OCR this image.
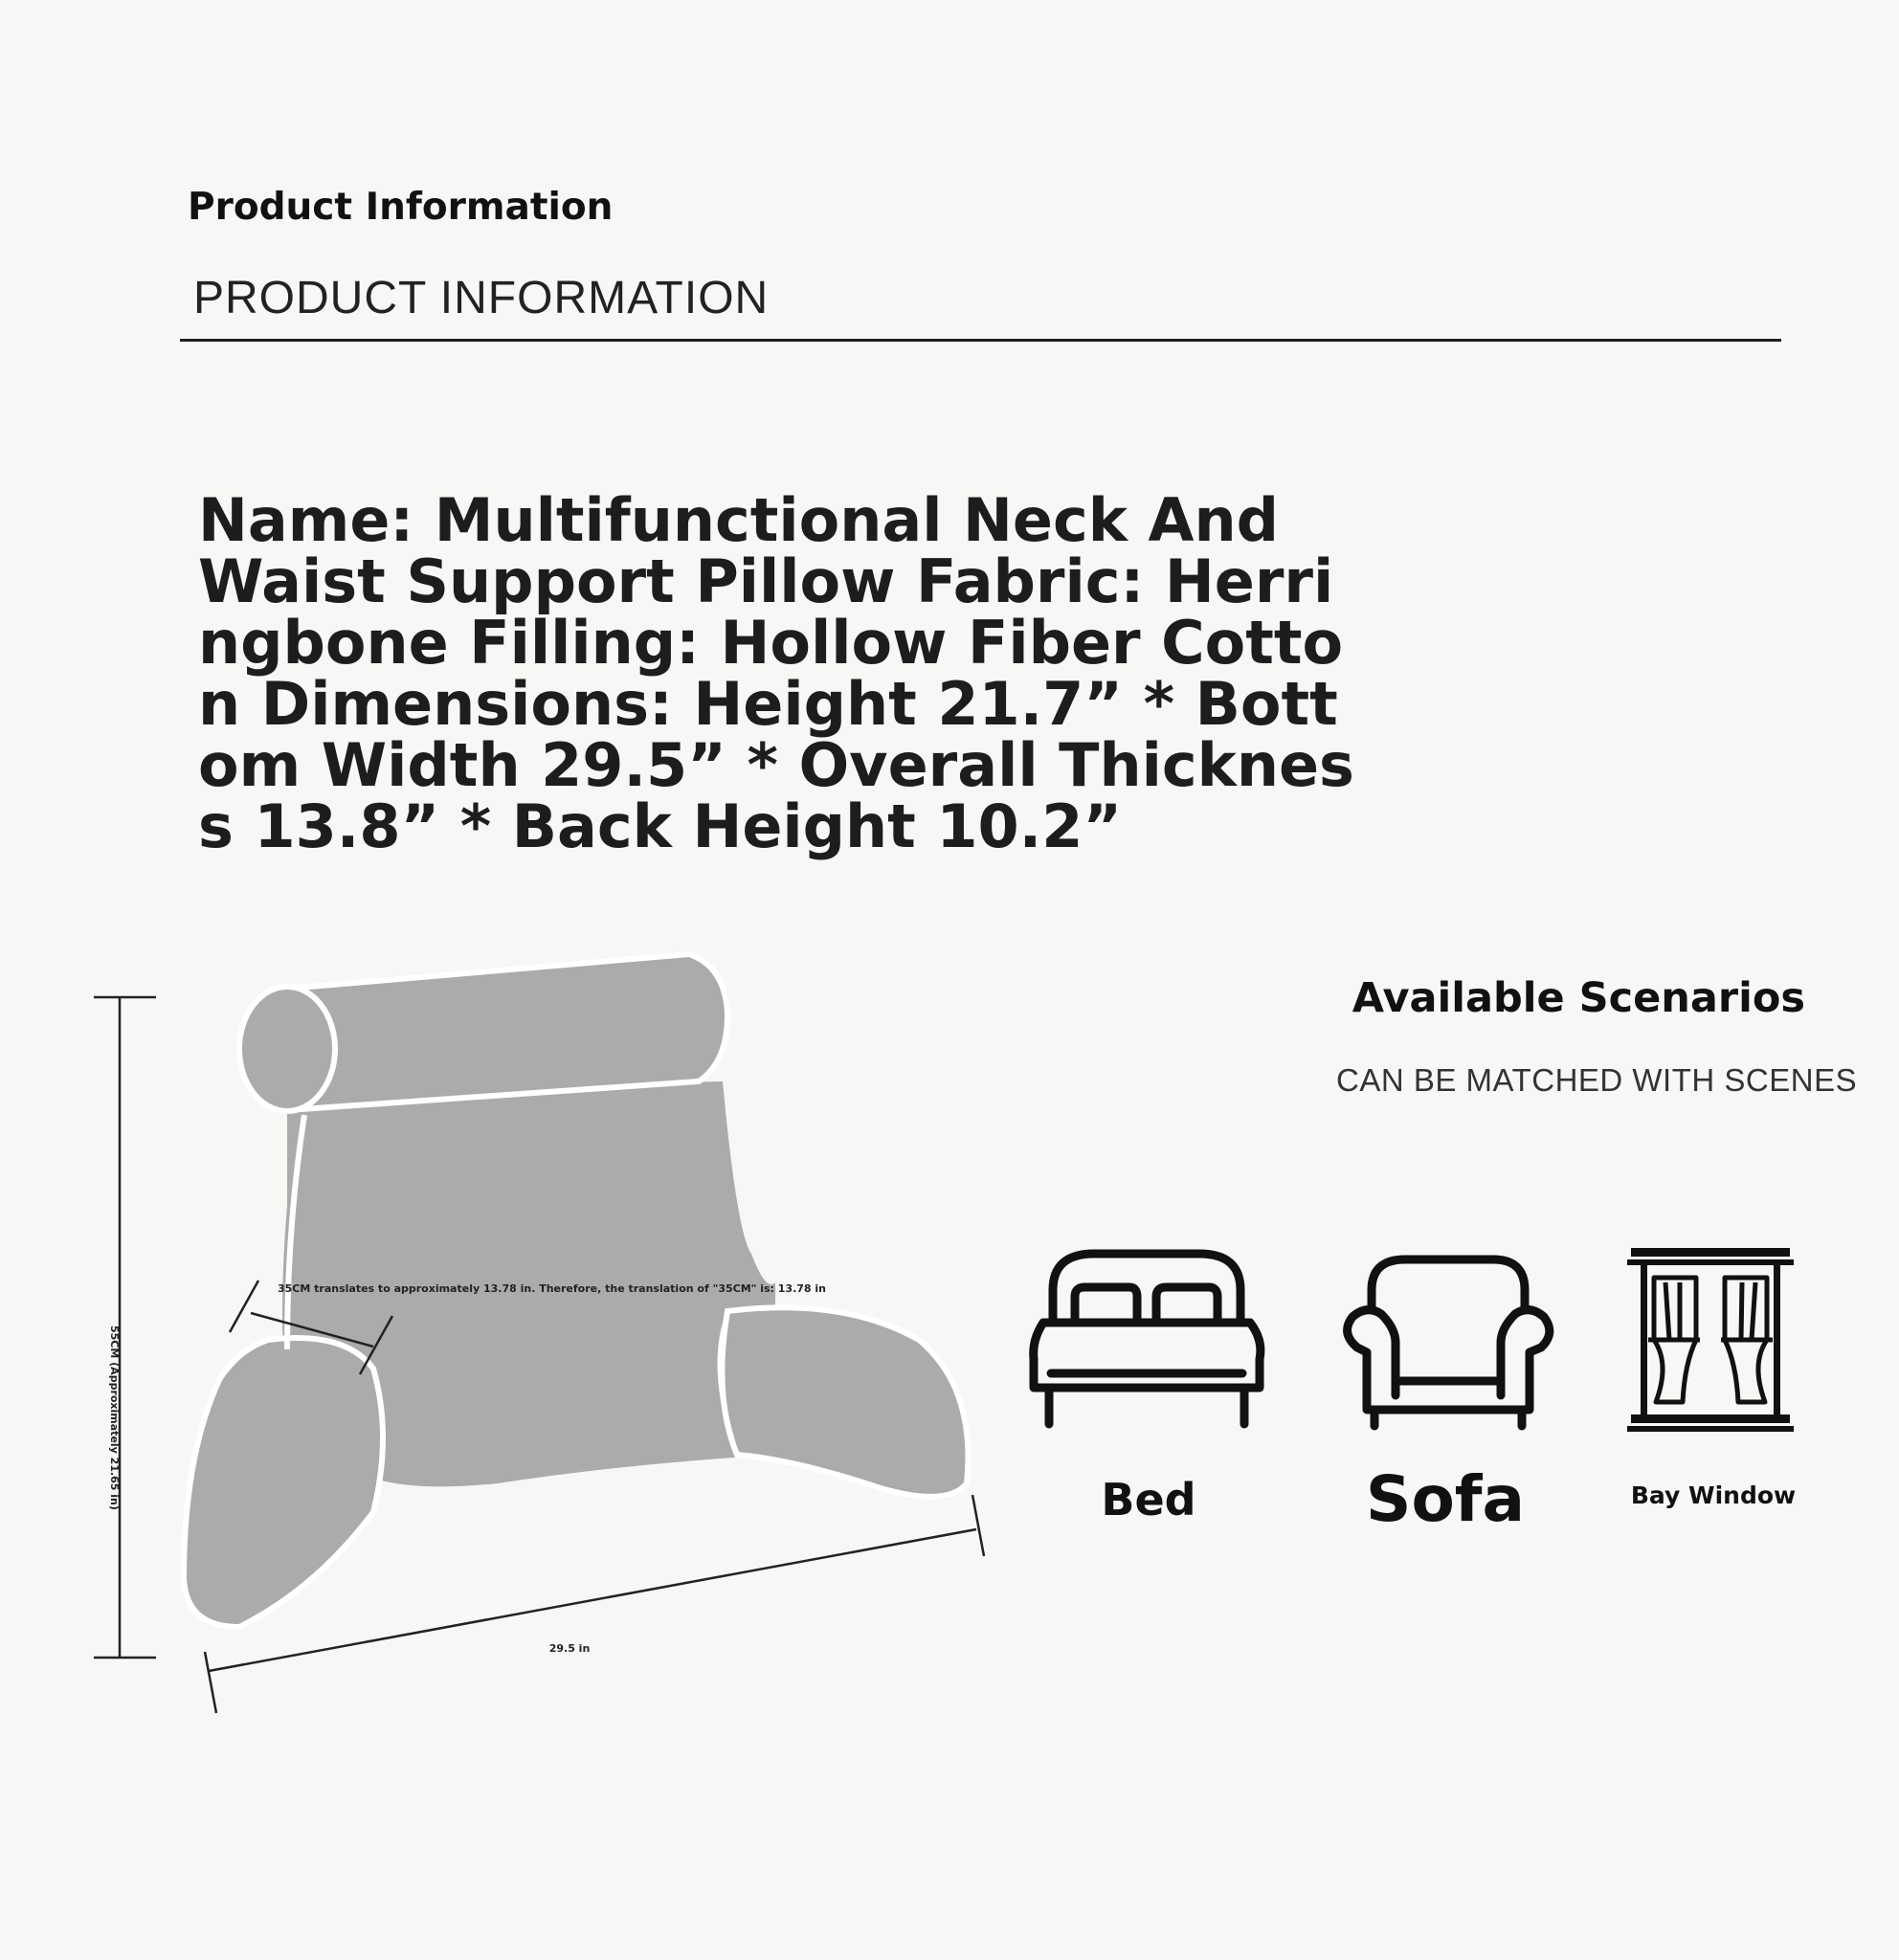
Product Information
PRODUCT INFORMATION
Name: Multifunctional Neck And Waist Support Pillow Fabric: Herringbone Filling: Hollow Fiber Cotton Dimensions: Height 21.7” * Bottom Width 29.5” * Overall Thickness 13.8” * Back Height 10.2”
35CM translates to approximately 13.78 in. Therefore, the translation of "35CM" is: 13.78 in
55CM (Approximately 21.65 in)
29.5 in
Available Scenarios
CAN BE MATCHED WITH SCENES
Bed	Sofa	Bay Window
